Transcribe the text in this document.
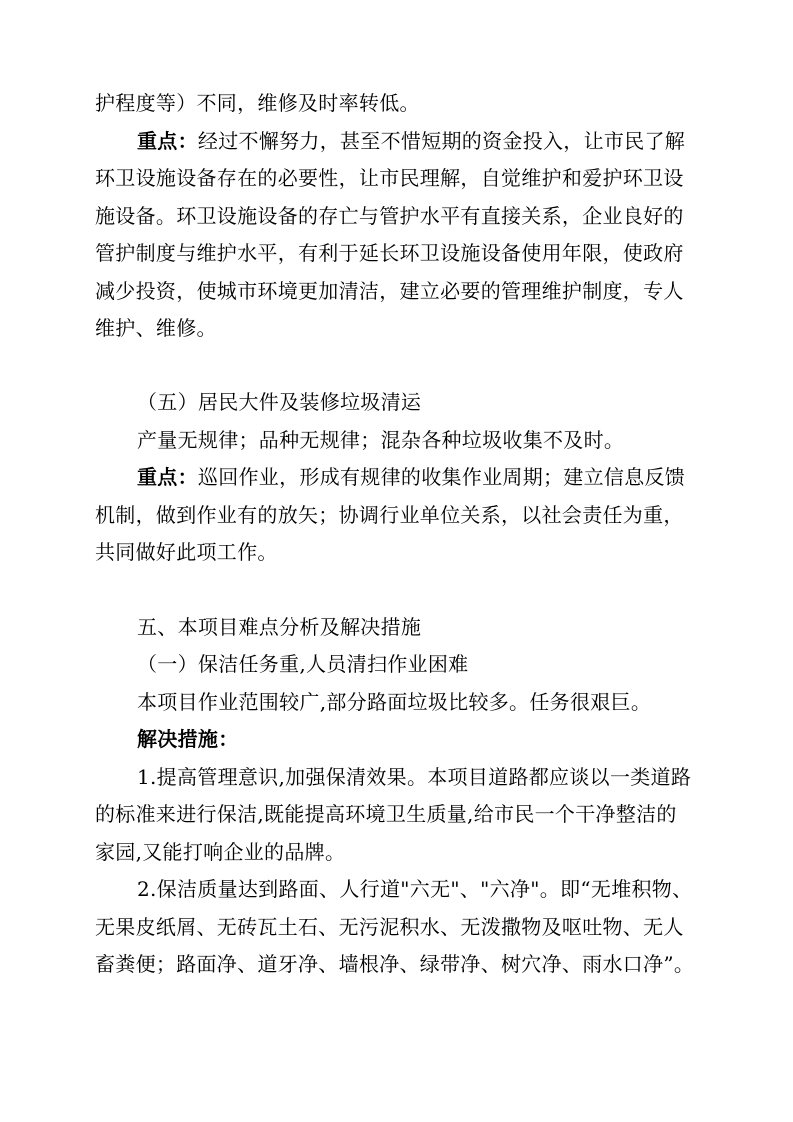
护程度等）不同，维修及时率转低。
重点：经过不懈努力，甚至不惜短期的资金投入，让市民了解
环卫设施设备存在的必要性，让市民理解，自觉维护和爱护环卫设
施设备。环卫设施设备的存亡与管护水平有直接关系，企业良好的
管护制度与维护水平，有利于延长环卫设施设备使用年限，使政府
减少投资，使城市环境更加清洁，建立必要的管理维护制度，专人
维护、维修。
（五）居民大件及装修垃圾清运
产量无规律；品种无规律；混杂各种垃圾收集不及时。
重点：巡回作业，形成有规律的收集作业周期；建立信息反馈
机制，做到作业有的放矢；协调行业单位关系，以社会责任为重，
共同做好此项工作。
五、本项目难点分析及解决措施
（一）保洁任务重,人员清扫作业困难
本项目作业范围较广,部分路面垃圾比较多。任务很艰巨。
解决措施：
1.提高管理意识,加强保清效果。本项目道路都应谈以一类道路
的标准来进行保洁,既能提高环境卫生质量,给市民一个干净整洁的
家园,又能打响企业的品牌。
2.保洁质量达到路面、人行道"六无"、"六净"。即“无堆积物、
无果皮纸屑、无砖瓦土石、无污泥积水、无泼撒物及呕吐物、无人
畜粪便；路面净、道牙净、墙根净、绿带净、树穴净、雨水口净”。
